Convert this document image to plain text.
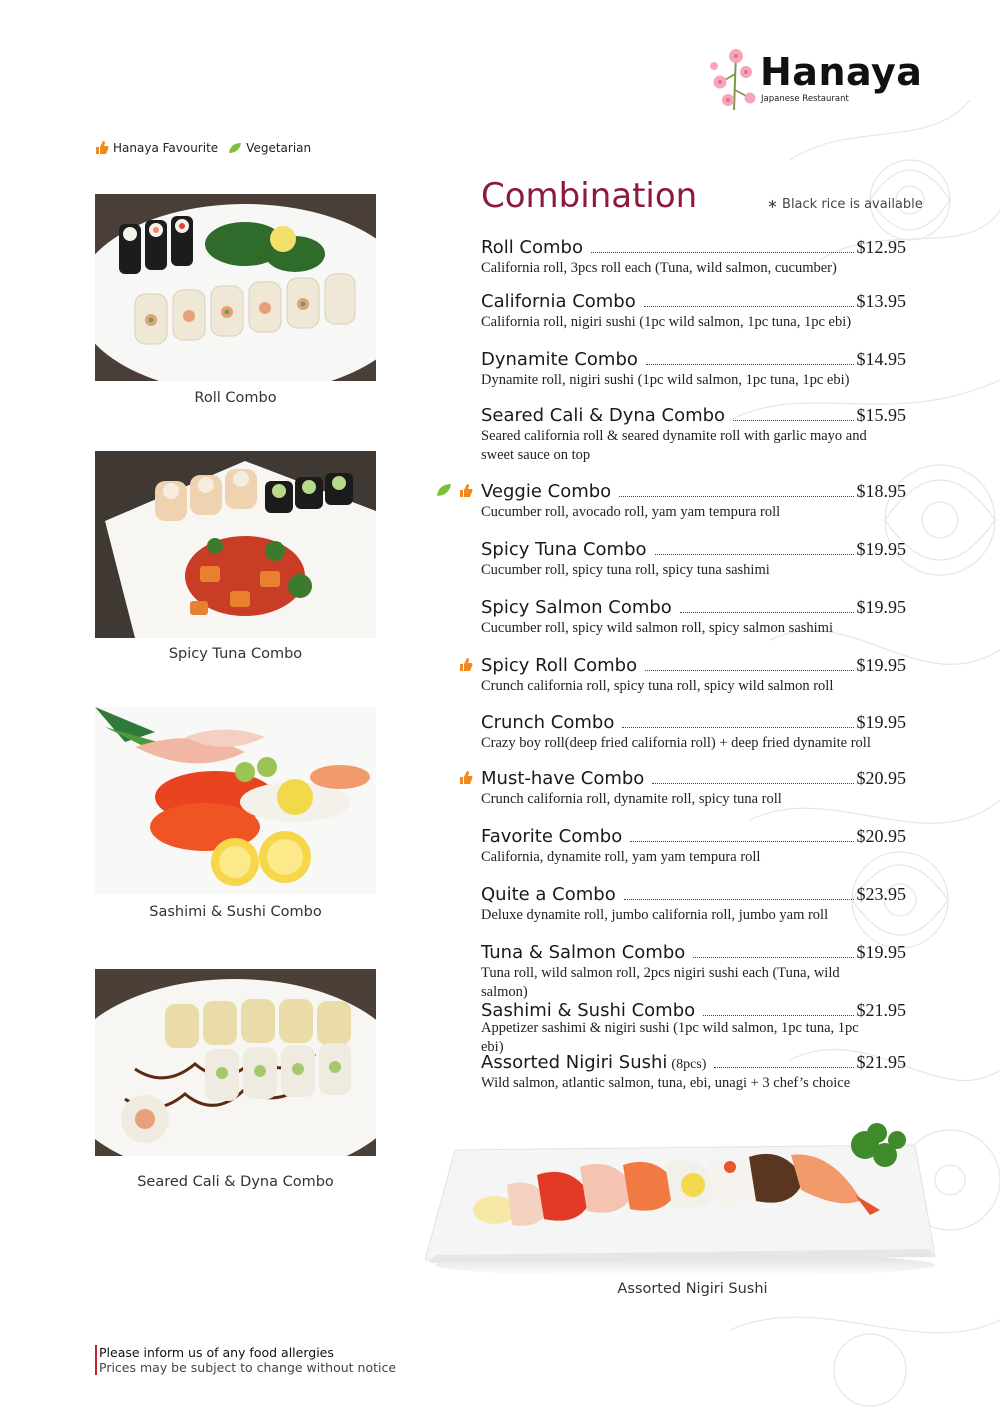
Hanaya
Japanese Restaurant
Hanaya Favourite Vegetarian
Roll Combo
Spicy Tuna Combo
Sashimi & Sushi Combo
Seared Cali & Dyna Combo
Combination	∗ Black rice is available
Roll Combo	$12.95
California roll, 3pcs roll each (Tuna, wild salmon, cucumber)
California Combo	$13.95
California roll, nigiri sushi (1pc wild salmon, 1pc tuna, 1pc ebi)
Dynamite Combo	$14.95
Dynamite roll, nigiri sushi (1pc wild salmon, 1pc tuna, 1pc ebi)
Seared Cali & Dyna Combo	$15.95
Seared california roll & seared dynamite roll with garlic mayo and sweet sauce on top
Veggie Combo	$18.95
Cucumber roll, avocado roll, yam yam tempura roll
Spicy Tuna Combo	$19.95
Cucumber roll, spicy tuna roll, spicy tuna sashimi
Spicy Salmon Combo	$19.95
Cucumber roll, spicy wild salmon roll, spicy salmon sashimi
Spicy Roll Combo	$19.95
Crunch california roll, spicy tuna roll, spicy wild salmon roll
Crunch Combo	$19.95
Crazy boy roll(deep fried california roll) + deep fried dynamite roll
Must-have Combo	$20.95
Crunch california roll, dynamite roll, spicy tuna roll
Favorite Combo	$20.95
California, dynamite roll, yam yam tempura roll
Quite a Combo	$23.95
Deluxe dynamite roll, jumbo california roll, jumbo yam roll
Tuna & Salmon Combo	$19.95
Tuna roll, wild salmon roll, 2pcs nigiri sushi each (Tuna, wild salmon)
Sashimi & Sushi Combo	$21.95
Appetizer sashimi & nigiri sushi (1pc wild salmon, 1pc tuna, 1pc ebi)
Assorted Nigiri Sushi (8pcs)	$21.95
Wild salmon, atlantic salmon, tuna, ebi, unagi + 3 chef’s choice
Assorted Nigiri Sushi
Please inform us of any food allergies
Prices may be subject to change without notice
